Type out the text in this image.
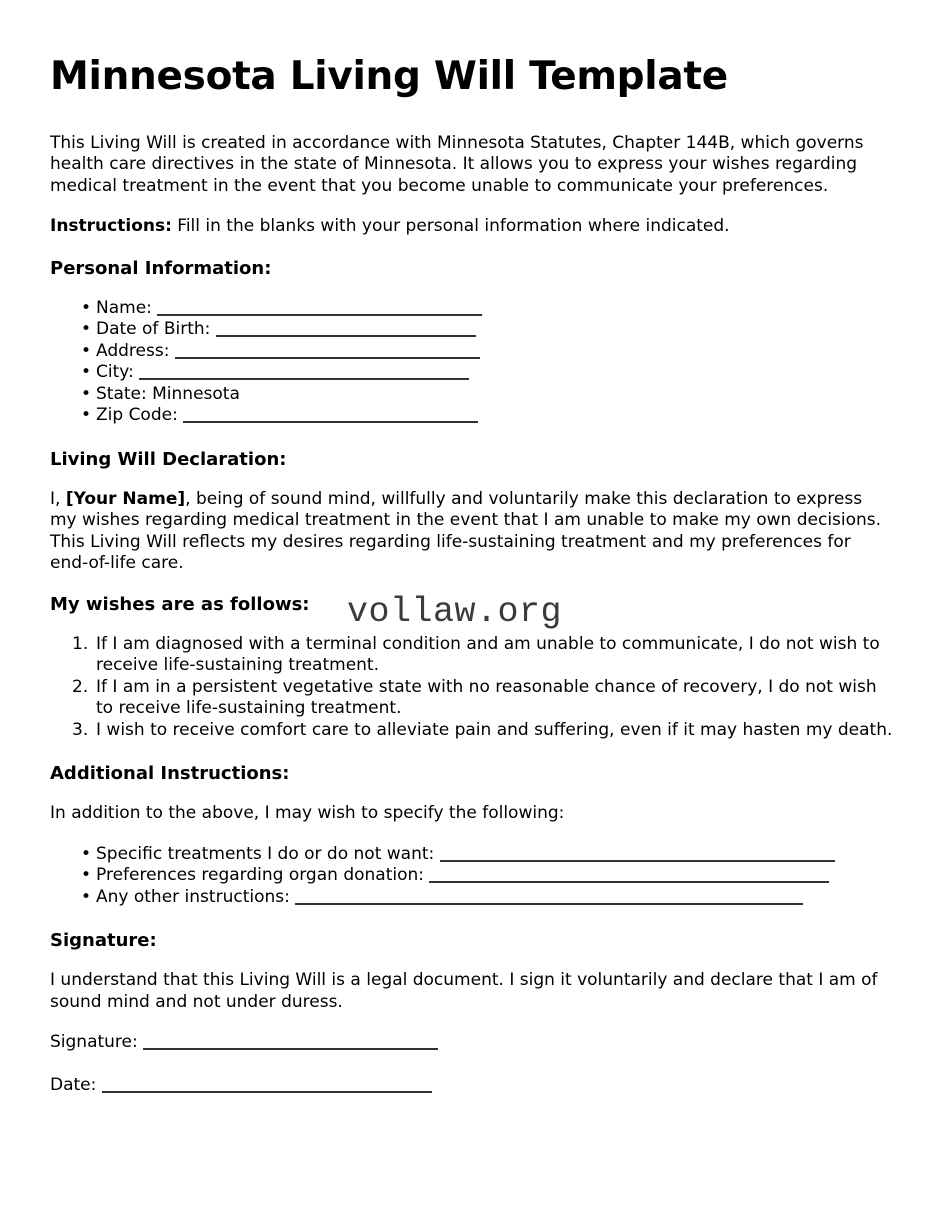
vollaw.org
Minnesota Living Will Template

This Living Will is created in accordance with Minnesota Statutes, Chapter 144B, which governs health care directives in the state of Minnesota. It allows you to express your wishes regarding medical treatment in the event that you become unable to communicate your preferences.

Instructions: Fill in the blanks with your personal information where indicated.

Personal Information:
• Name:
• Date of Birth:
• Address:
• City:
• State: Minnesota
• Zip Code:
Living Will Declaration:

I, [Your Name], being of sound mind, willfully and voluntarily make this declaration to express my wishes regarding medical treatment in the event that I am unable to make my own decisions. This Living Will reflects my desires regarding life-sustaining treatment and my preferences for end-of-life care.

My wishes are as follows:
If I am diagnosed with a terminal condition and am unable to communicate, I do not wish to receive life-sustaining treatment.
If I am in a persistent vegetative state with no reasonable chance of recovery, I do not wish to receive life-sustaining treatment.
I wish to receive comfort care to alleviate pain and suffering, even if it may hasten my death.
Additional Instructions:

In addition to the above, I may wish to specify the following:

• Specific treatments I do or do not want:
• Preferences regarding organ donation:
• Any other instructions:
Signature:

I understand that this Living Will is a legal document. I sign it voluntarily and declare that I am of sound mind and not under duress.

Signature:
Date:
